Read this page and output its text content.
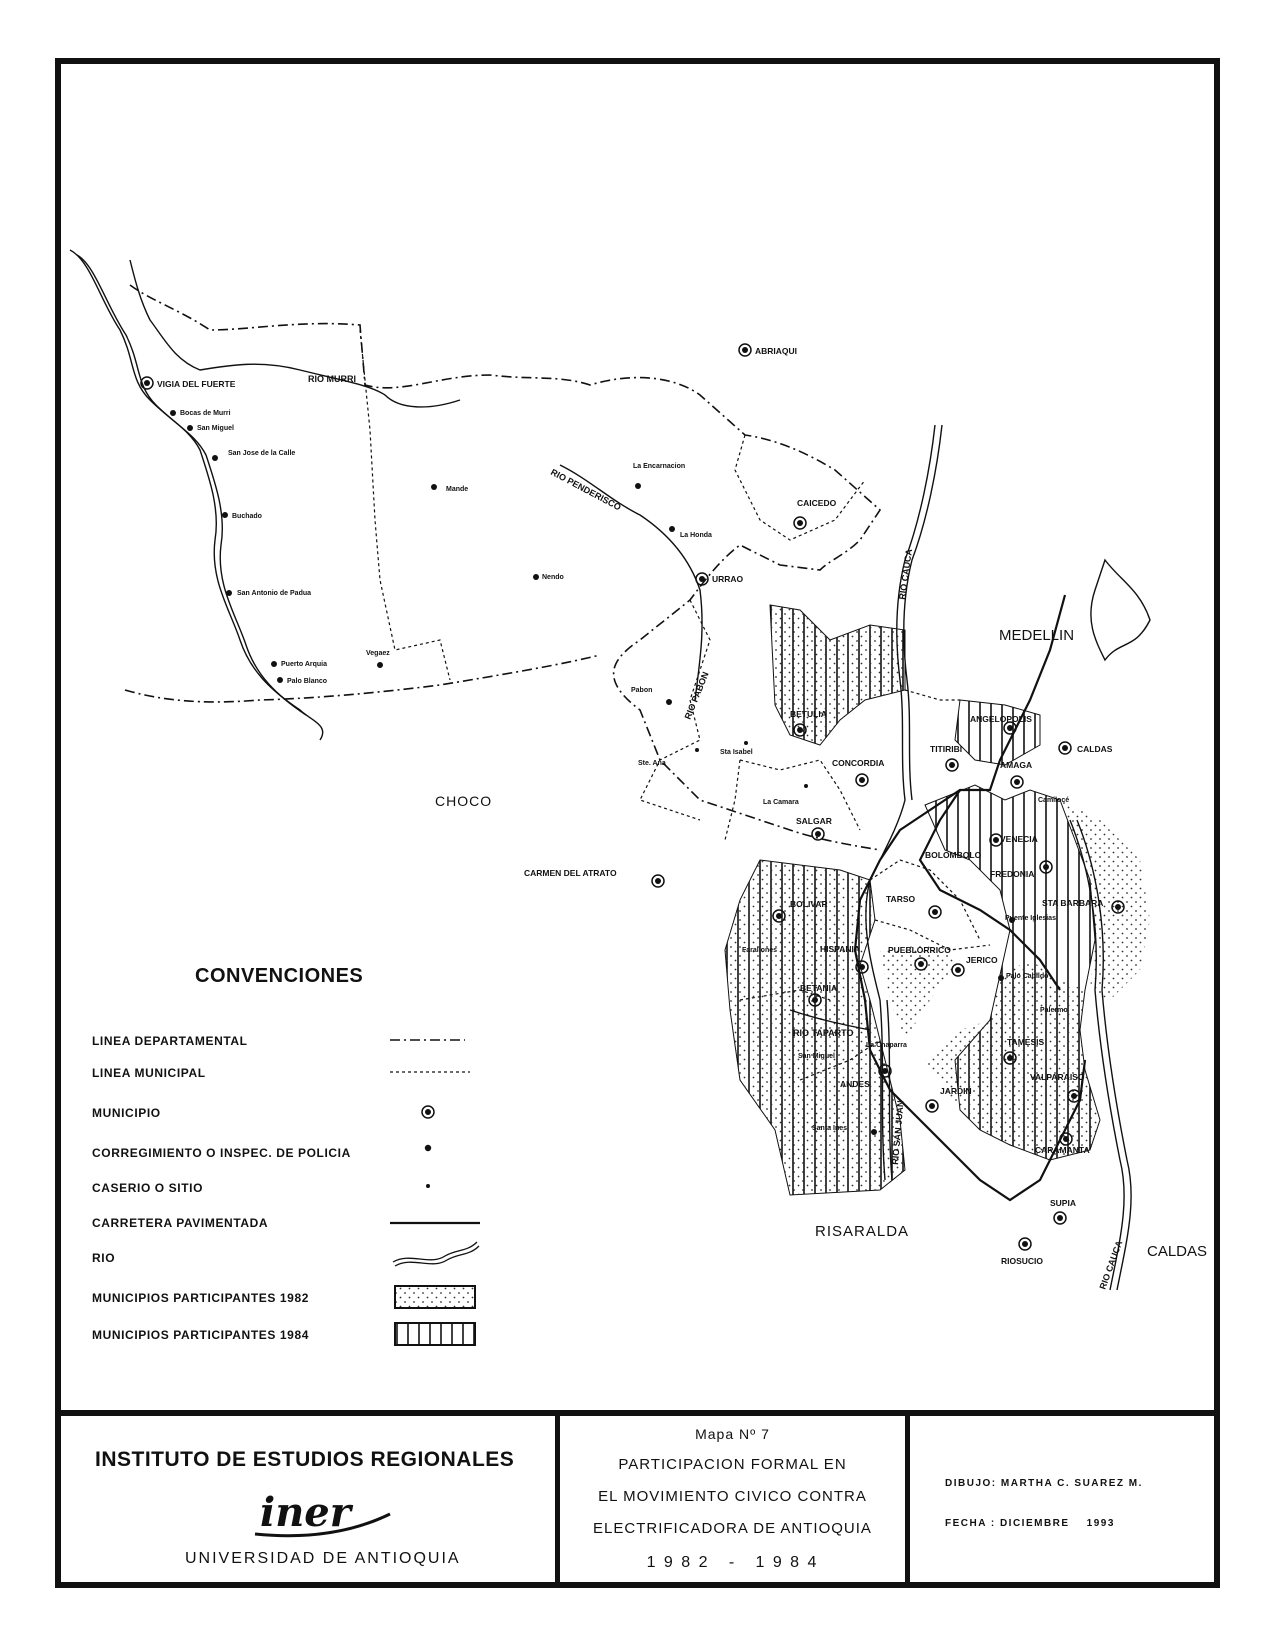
CHOCO
MEDELLIN
RISARALDA
CALDAS
VIGIA DEL FUERTE
ABRIAQUI
CAICEDO
URRAO
BETULIA
CONCORDIA
SALGAR
CARMEN DEL ATRATO
TITIRIBI
ANGELOPOLIS
CALDAS
AMAGA
VENECIA
BOLOMBOLO
FREDONIA
STA BARBARA
BOLIVAR	TARSO
PUEBLORRICO
JERICO
HISPANIA
BETANIA
ANDES
JARDIN
TAMESIS
VALPARAISO
CARAMANTA
SUPIA
RIOSUCIO
Bocas de Murri
San Miguel
San Jose de la Calle
Buchado
San Antonio de Padua
Puerto Arquia
Palo Blanco
Vegaez
Mande
Nendo
La Encarnacion
La Honda
Pabon
Sta Isabel
Ste. Ana
La Camara	Camilocé
Puente Iglesias
Palo Cabildo
Palermo
Farallones
La Chaparra
San Miguel
Santa Ines
RIO MURRI
RIO PENDERISCO
RIO CAUCA
RIO PABON
RIO TAPARTO
RIO SAN JUAN
RIO CAUCA
CONVENCIONES
LINEA DEPARTAMENTAL
LINEA MUNICIPAL
MUNICIPIO
CORREGIMIENTO O INSPEC. DE POLICIA
CASERIO O SITIO
CARRETERA PAVIMENTADA
RIO
MUNICIPIOS PARTICIPANTES 1982
MUNICIPIOS PARTICIPANTES 1984
INSTITUTO DE ESTUDIOS REGIONALES
iner
UNIVERSIDAD DE ANTIOQUIA
Mapa Nº 7
PARTICIPACION FORMAL EN
EL MOVIMIENTO CIVICO CONTRA
ELECTRIFICADORA DE ANTIOQUIA
1 9 8 2   -   1 9 8 4
DIBUJO: MARTHA C. SUAREZ M.
FECHA : DICIEMBRE    1993
